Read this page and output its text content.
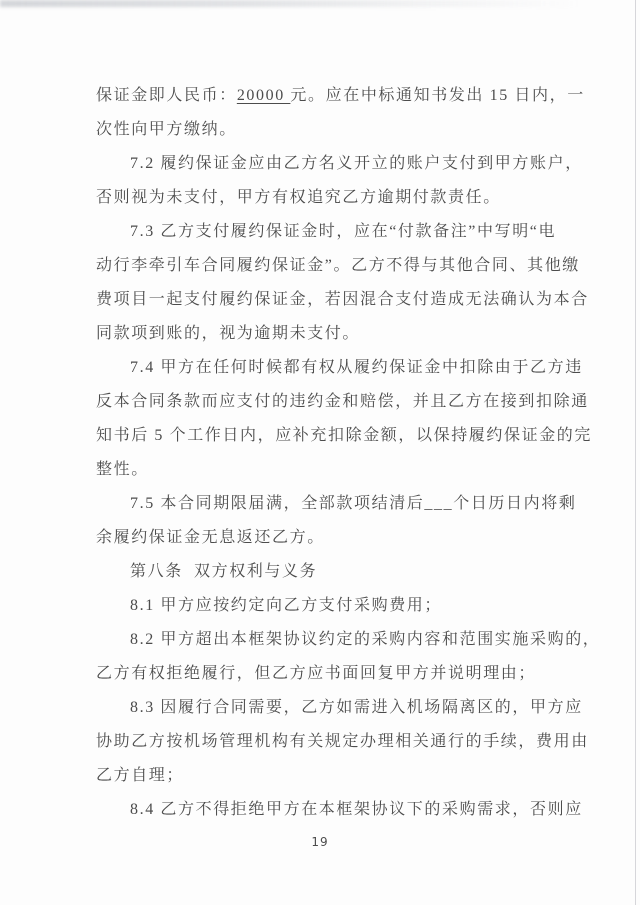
保证金即人民币：20000 元。应在中标通知书发出 15 日内，一
次性向甲方缴纳。
7.2 履约保证金应由乙方名义开立的账户支付到甲方账户，
否则视为未支付，甲方有权追究乙方逾期付款责任。
7.3 乙方支付履约保证金时，应在“付款备注”中写明“电
动行李牵引车合同履约保证金”。乙方不得与其他合同、其他缴
费项目一起支付履约保证金，若因混合支付造成无法确认为本合
同款项到账的，视为逾期未支付。
7.4 甲方在任何时候都有权从履约保证金中扣除由于乙方违
反本合同条款而应支付的违约金和赔偿，并且乙方在接到扣除通
知书后 5 个工作日内，应补充扣除金额，以保持履约保证金的完
整性。
7.5 本合同期限届满，全部款项结清后___个日历日内将剩
余履约保证金无息返还乙方。
第八条  双方权利与义务
8.1 甲方应按约定向乙方支付采购费用；
8.2 甲方超出本框架协议约定的采购内容和范围实施采购的，
乙方有权拒绝履行，但乙方应书面回复甲方并说明理由；
8.3 因履行合同需要，乙方如需进入机场隔离区的，甲方应
协助乙方按机场管理机构有关规定办理相关通行的手续，费用由
乙方自理；
8.4 乙方不得拒绝甲方在本框架协议下的采购需求，否则应
19
